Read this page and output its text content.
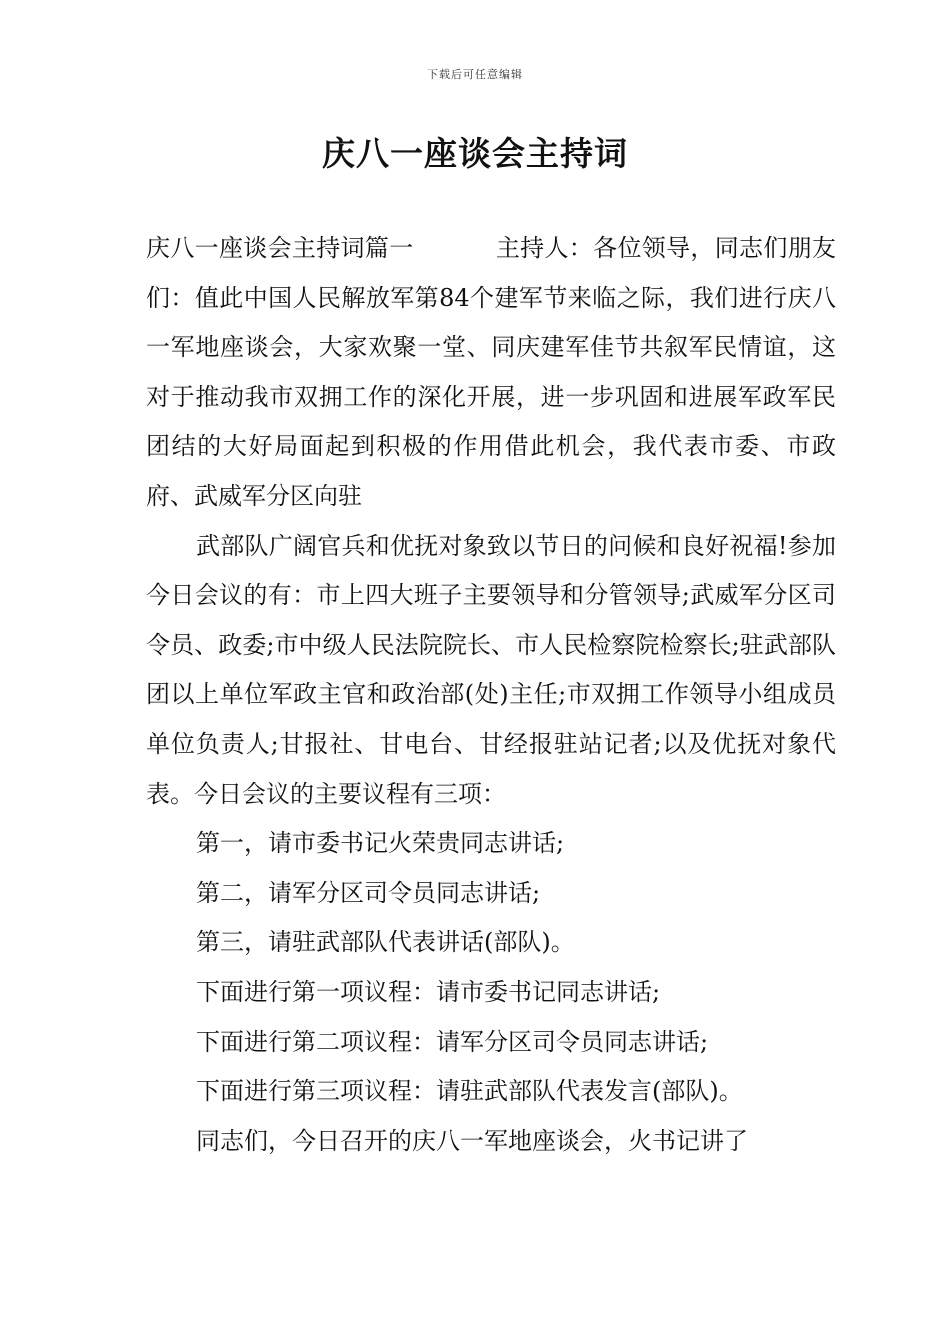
下载后可任意编辑
庆八一座谈会主持词

庆八一座谈会主持词篇一	主持人：各位领导，同志们朋友们：值此中国人民解放军第84个建军节来临之际，我们进行庆八一军地座谈会，大家欢聚一堂、同庆建军佳节共叙军民情谊，这对于推动我市双拥工作的深化开展，进一步巩固和进展军政军民团结的大好局面起到积极的作用借此机会，我代表市委、市政府、武威军分区向驻

武部队广阔官兵和优抚对象致以节日的问候和良好祝福!参加今日会议的有：市上四大班子主要领导和分管领导;武威军分区司令员、政委;市中级人民法院院长、市人民检察院检察长;驻武部队团以上单位军政主官和政治部(处)主任;市双拥工作领导小组成员单位负责人;甘报社、甘电台、甘经报驻站记者;以及优抚对象代表。今日会议的主要议程有三项：

第一，请市委书记火荣贵同志讲话;

第二，请军分区司令员同志讲话;

第三，请驻武部队代表讲话(部队)。

下面进行第一项议程：请市委书记同志讲话;

下面进行第二项议程：请军分区司令员同志讲话;

下面进行第三项议程：请驻武部队代表发言(部队)。

同志们，今日召开的庆八一军地座谈会，火书记讲了
